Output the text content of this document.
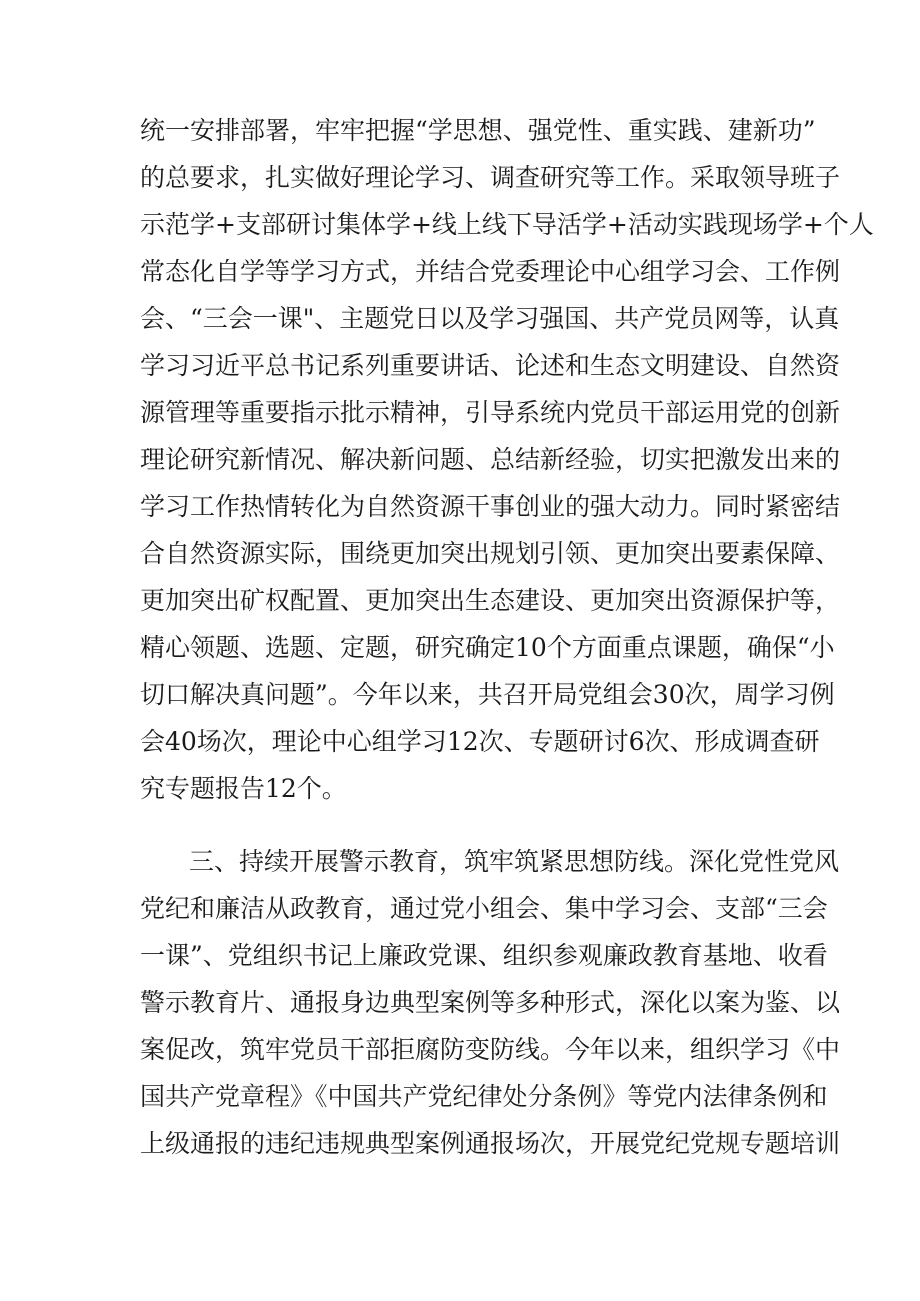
统一安排部署，牢牢把握“学思想、强党性、重实践、建新功”
的总要求，扎实做好理论学习、调查研究等工作。采取领导班子
示范学+支部研讨集体学+线上线下导活学+活动实践现场学+个人
常态化自学等学习方式，并结合党委理论中心组学习会、工作例
会、“三会一课"、主题党日以及学习强国、共产党员网等，认真
学习习近平总书记系列重要讲话、论述和生态文明建设、自然资
源管理等重要指示批示精神，引导系统内党员干部运用党的创新
理论研究新情况、解决新问题、总结新经验，切实把激发出来的
学习工作热情转化为自然资源干事创业的强大动力。同时紧密结
合自然资源实际，围绕更加突出规划引领、更加突出要素保障、
更加突出矿权配置、更加突出生态建设、更加突出资源保护等，
精心领题、选题、定题，研究确定10个方面重点课题，确保“小
切口解决真问题”。今年以来，共召开局党组会30次，周学习例
会40场次，理论中心组学习12次、专题研讨6次、形成调查研
究专题报告12个。
三、持续开展警示教育，筑牢筑紧思想防线。深化党性党风
党纪和廉洁从政教育，通过党小组会、集中学习会、支部“三会
一课”、党组织书记上廉政党课、组织参观廉政教育基地、收看
警示教育片、通报身边典型案例等多种形式，深化以案为鉴、以
案促改，筑牢党员干部拒腐防变防线。今年以来，组织学习《中
国共产党章程》《中国共产党纪律处分条例》等党内法律条例和
上级通报的违纪违规典型案例通报场次，开展党纪党规专题培训
